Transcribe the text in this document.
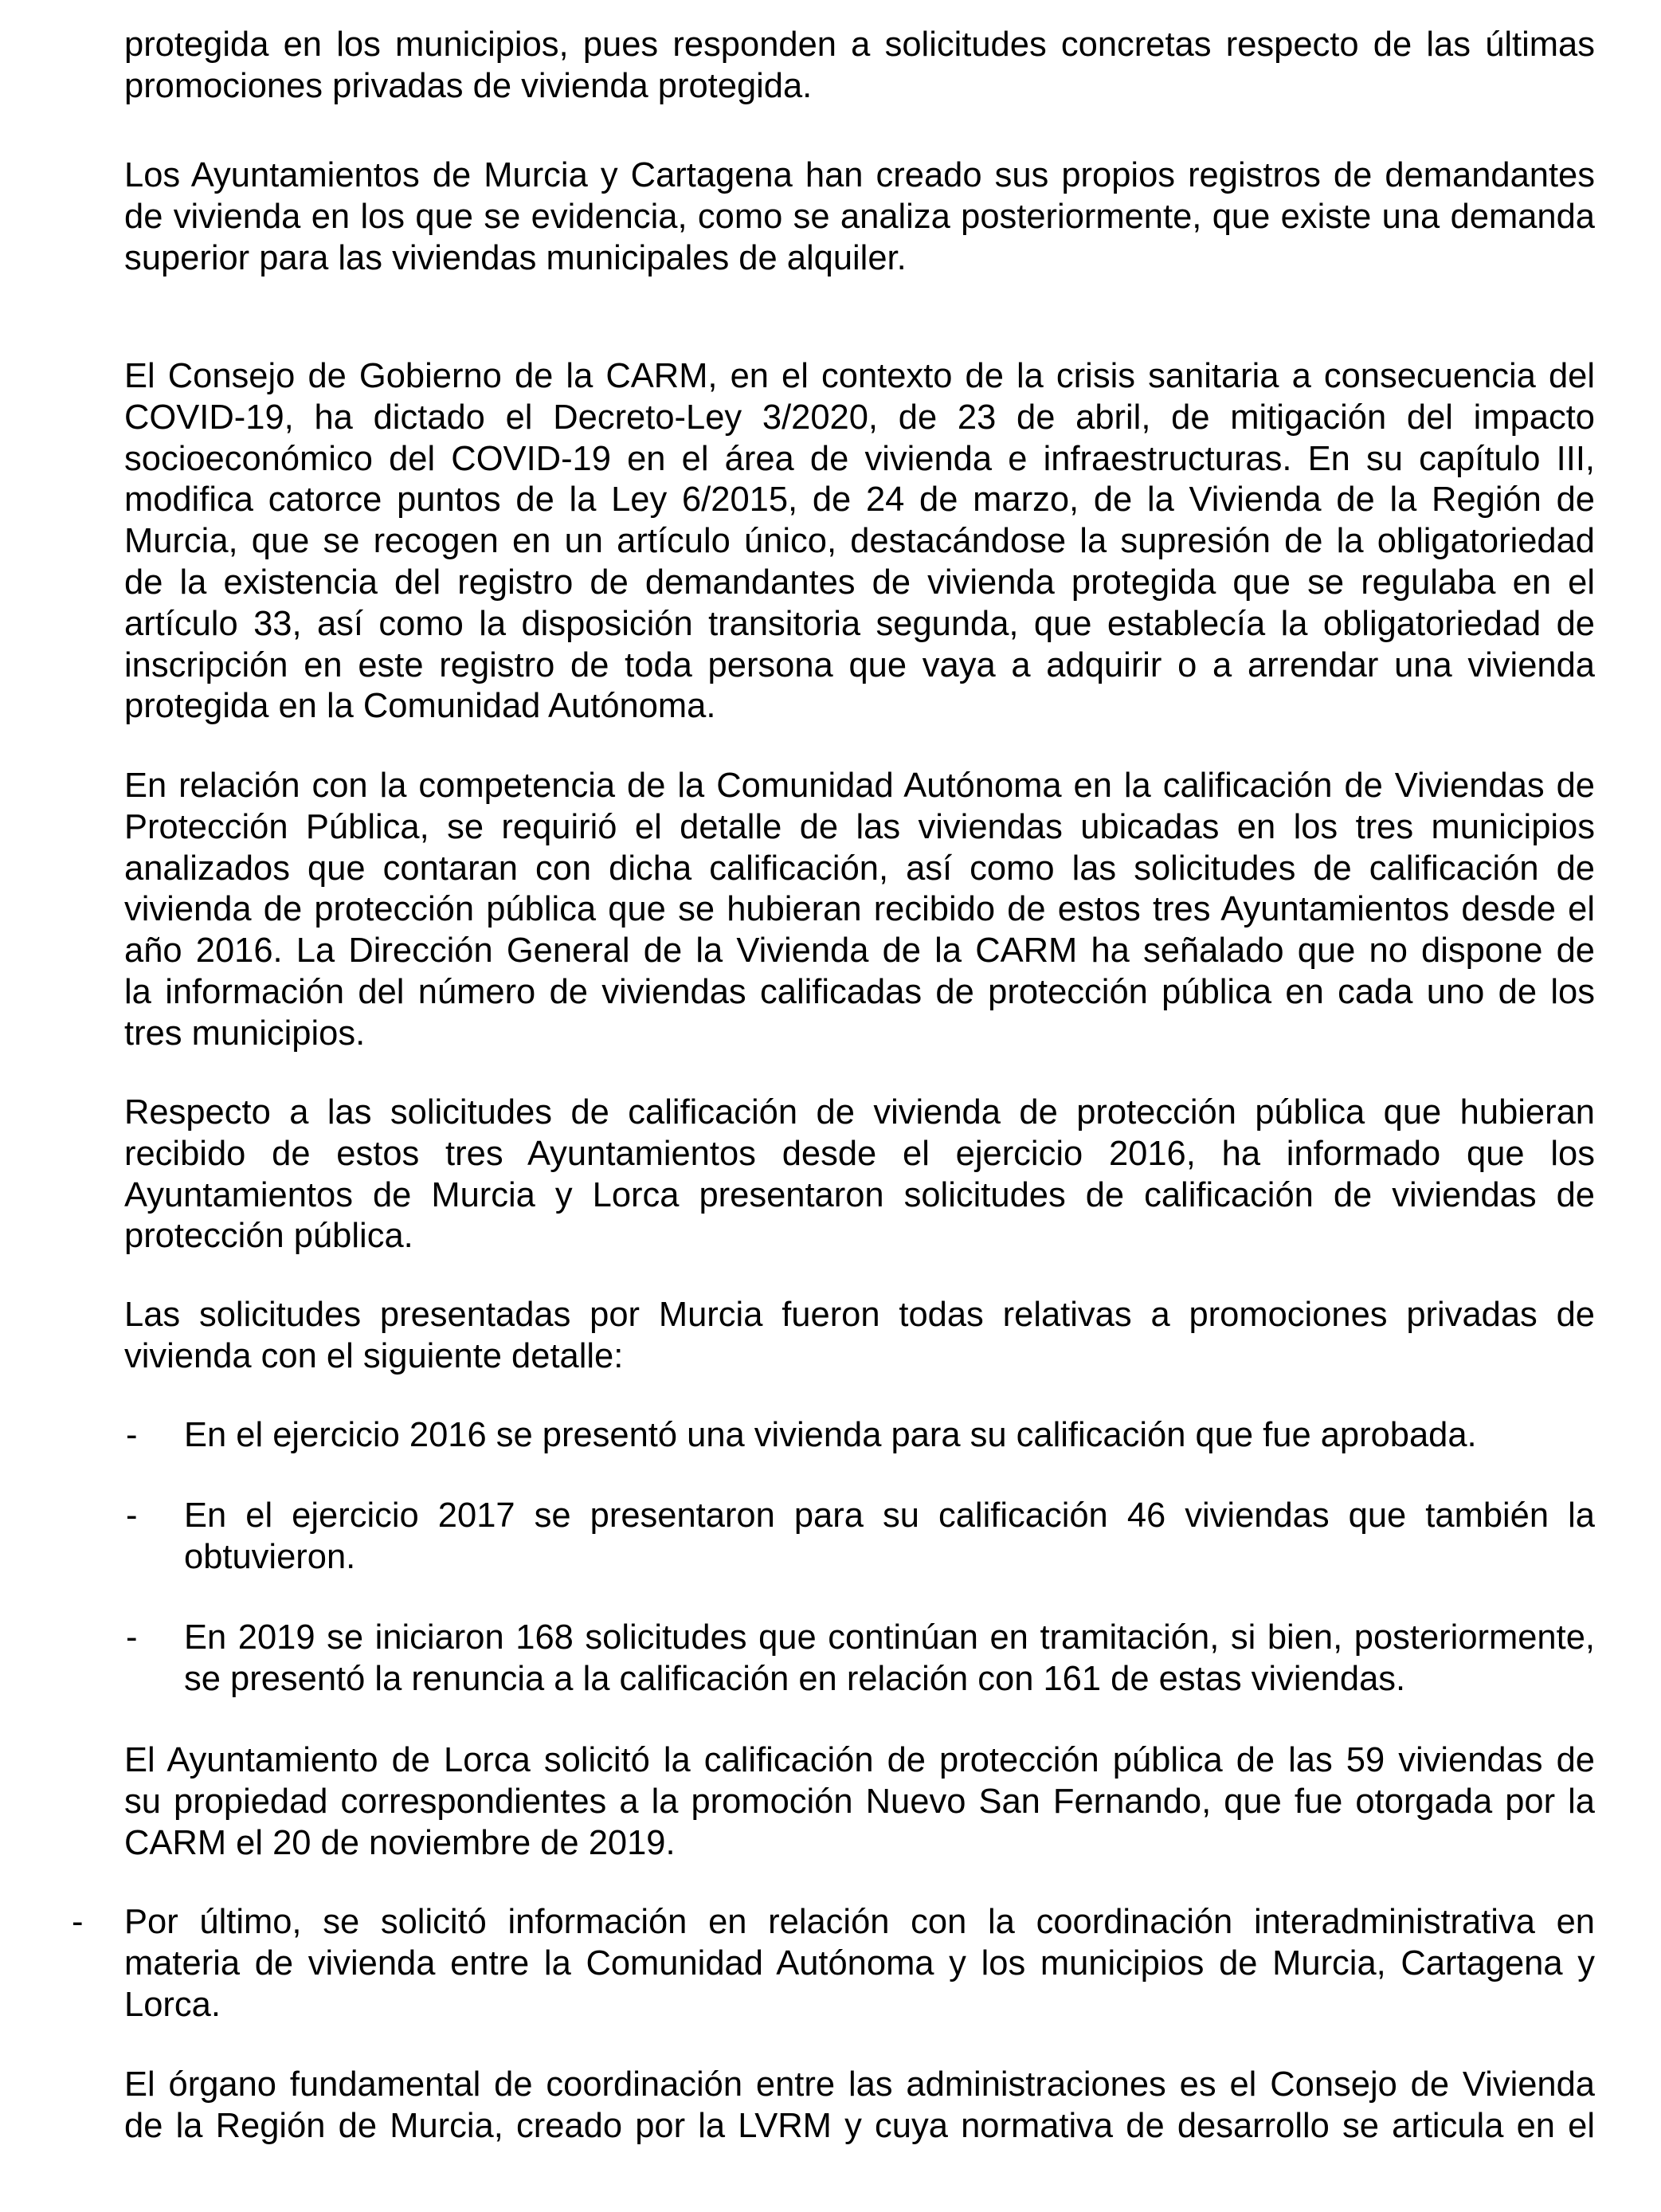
protegida en los municipios, pues responden a solicitudes concretas respecto de las últimas
promociones privadas de vivienda protegida.
Los Ayuntamientos de Murcia y Cartagena han creado sus propios registros de demandantes
de vivienda en los que se evidencia, como se analiza posteriormente, que existe una demanda
superior para las viviendas municipales de alquiler.
El Consejo de Gobierno de la CARM, en el contexto de la crisis sanitaria a consecuencia del
COVID-19, ha dictado el Decreto-Ley 3/2020, de 23 de abril, de mitigación del impacto
socioeconómico del COVID-19 en el área de vivienda e infraestructuras. En su capítulo III,
modifica catorce puntos de la Ley 6/2015, de 24 de marzo, de la Vivienda de la Región de
Murcia, que se recogen en un artículo único, destacándose la supresión de la obligatoriedad
de la existencia del registro de demandantes de vivienda protegida que se regulaba en el
artículo 33, así como la disposición transitoria segunda, que establecía la obligatoriedad de
inscripción en este registro de toda persona que vaya a adquirir o a arrendar una vivienda
protegida en la Comunidad Autónoma.
En relación con la competencia de la Comunidad Autónoma en la calificación de Viviendas de
Protección Pública, se requirió el detalle de las viviendas ubicadas en los tres municipios
analizados que contaran con dicha calificación, así como las solicitudes de calificación de
vivienda de protección pública que se hubieran recibido de estos tres Ayuntamientos desde el
año 2016. La Dirección General de la Vivienda de la CARM ha señalado que no dispone de
la información del número de viviendas calificadas de protección pública en cada uno de los
tres municipios.
Respecto a las solicitudes de calificación de vivienda de protección pública que hubieran
recibido de estos tres Ayuntamientos desde el ejercicio 2016, ha informado que los
Ayuntamientos de Murcia y Lorca presentaron solicitudes de calificación de viviendas de
protección pública.
Las solicitudes presentadas por Murcia fueron todas relativas a promociones privadas de
vivienda con el siguiente detalle:
- En el ejercicio 2016 se presentó una vivienda para su calificación que fue aprobada.
- En el ejercicio 2017 se presentaron para su calificación 46 viviendas que también la
obtuvieron.
- En 2019 se iniciaron 168 solicitudes que continúan en tramitación, si bien, posteriormente,
se presentó la renuncia a la calificación en relación con 161 de estas viviendas.
El Ayuntamiento de Lorca solicitó la calificación de protección pública de las 59 viviendas de
su propiedad correspondientes a la promoción Nuevo San Fernando, que fue otorgada por la
CARM el 20 de noviembre de 2019.
- Por último, se solicitó información en relación con la coordinación interadministrativa en
materia de vivienda entre la Comunidad Autónoma y los municipios de Murcia, Cartagena y
Lorca.
El órgano fundamental de coordinación entre las administraciones es el Consejo de Vivienda
de la Región de Murcia, creado por la LVRM y cuya normativa de desarrollo se articula en el
